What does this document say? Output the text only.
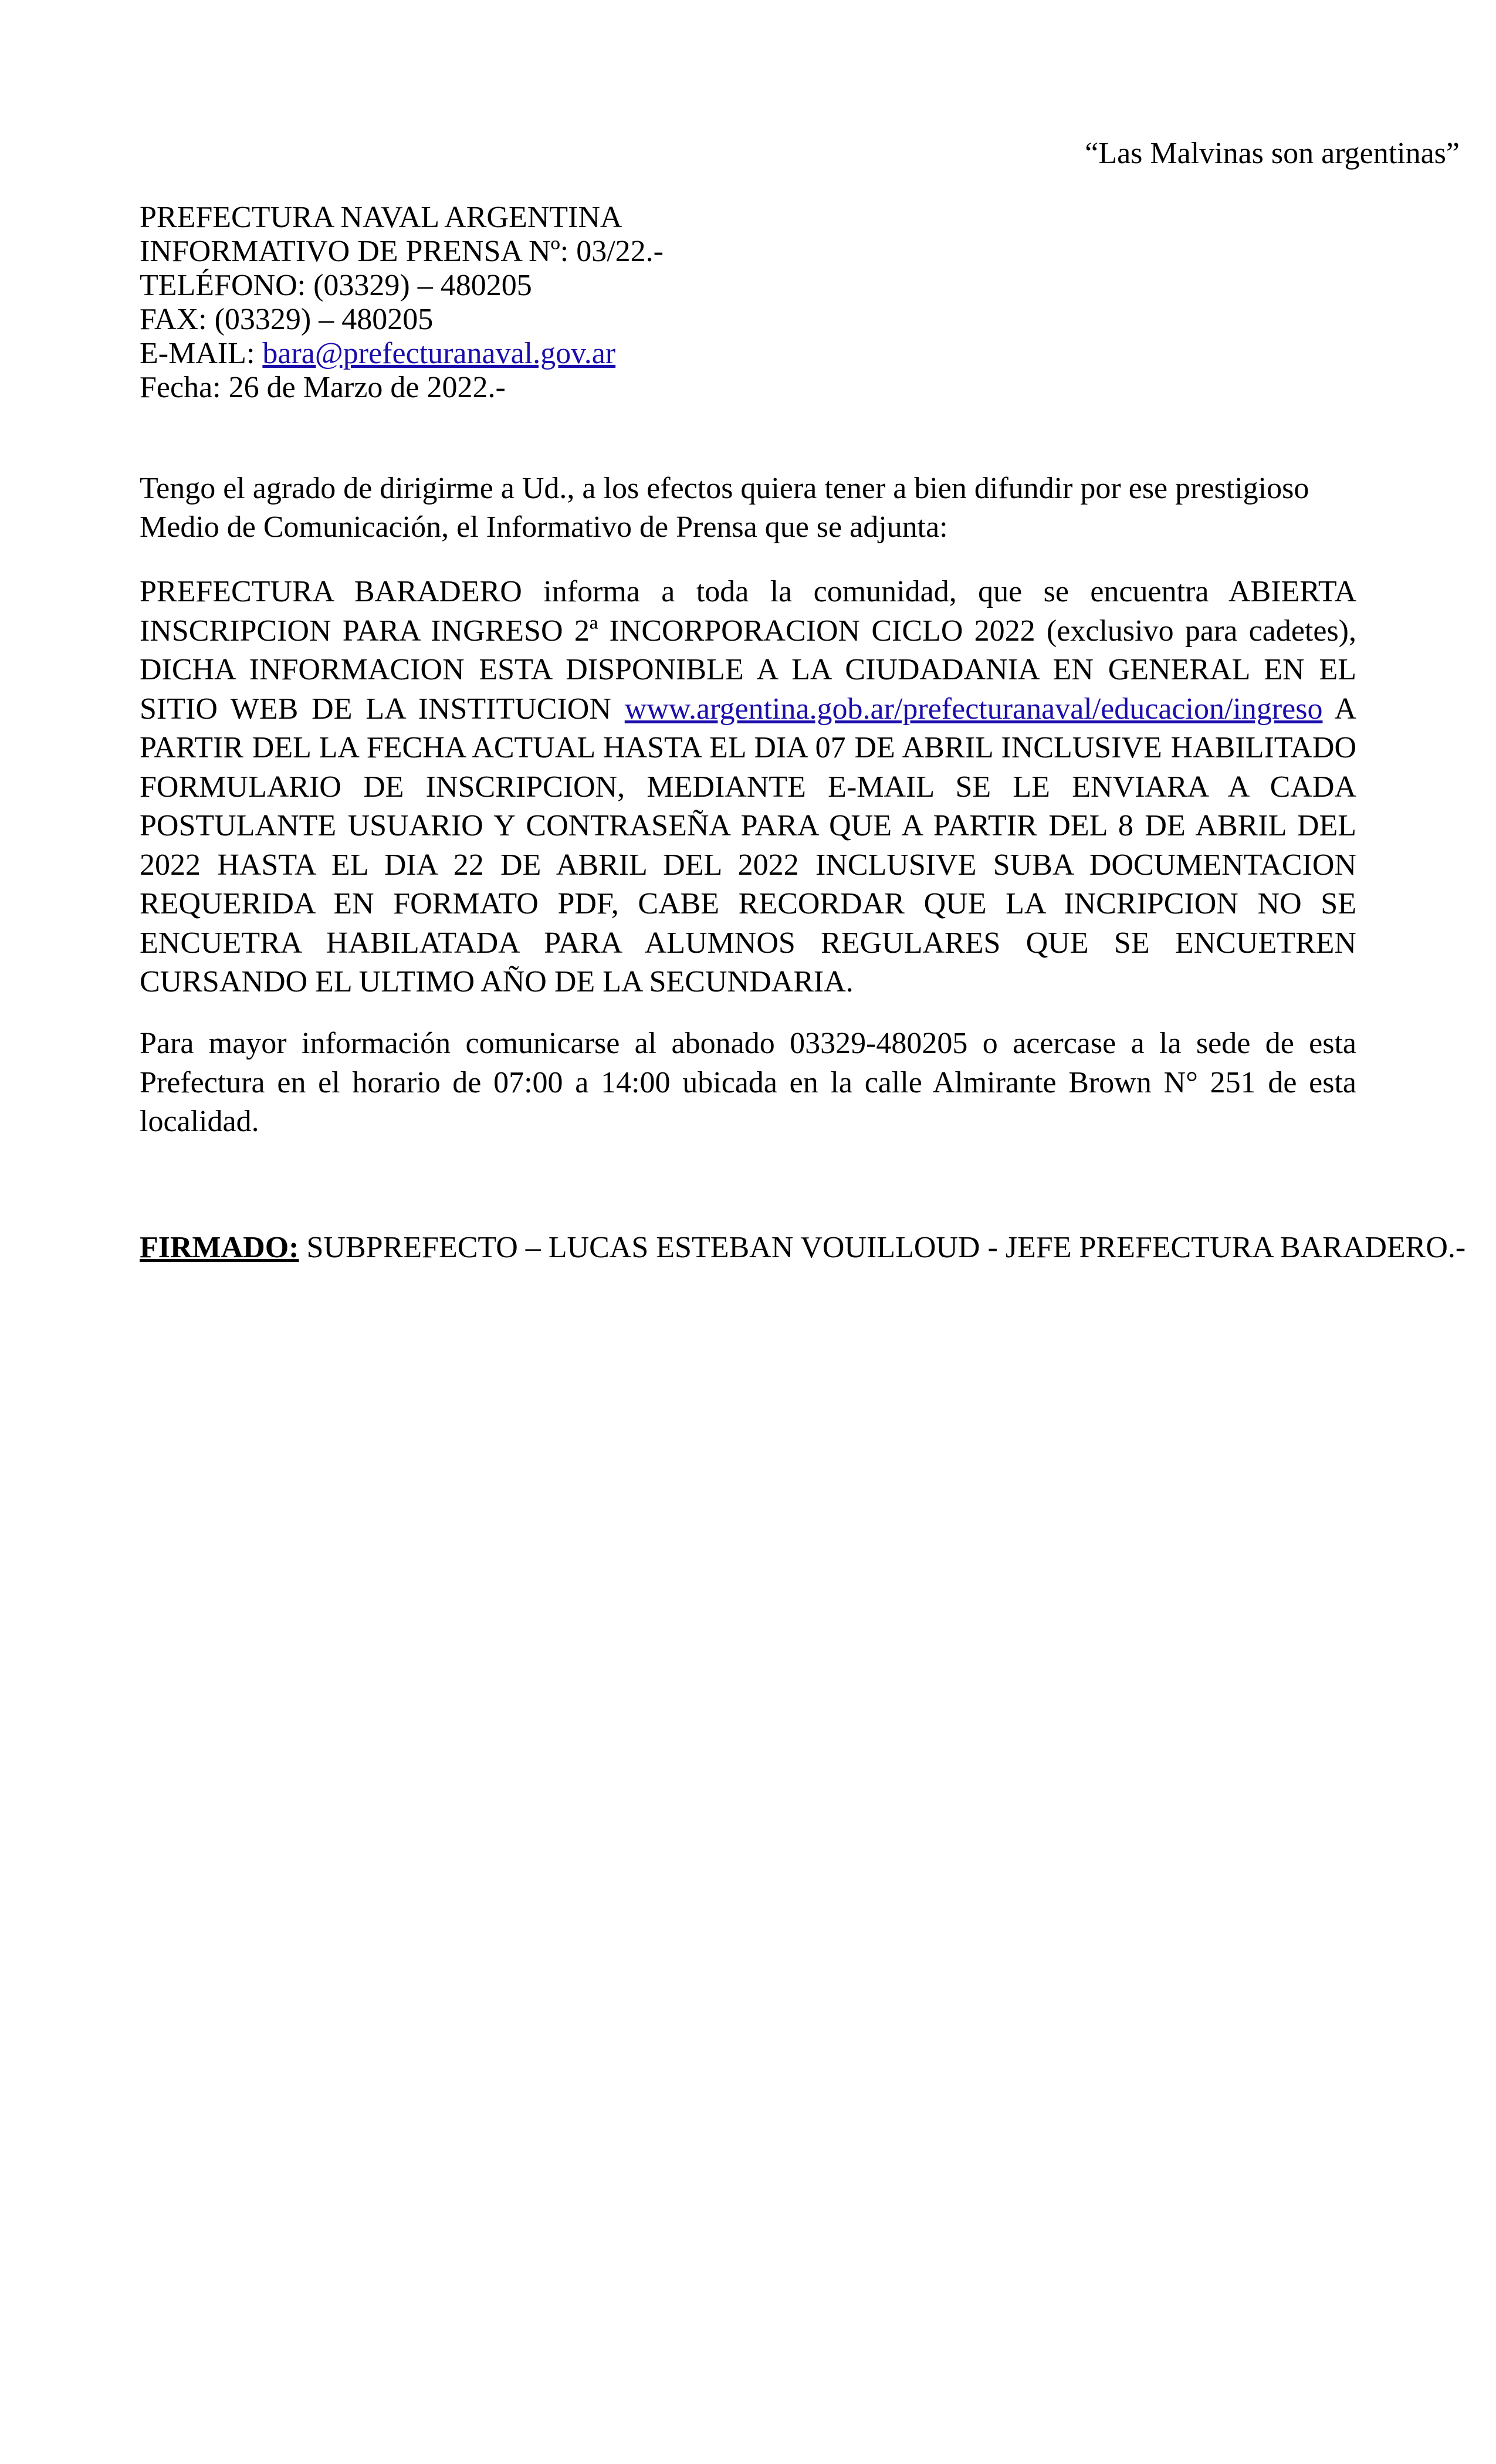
“Las Malvinas son argentinas”
PREFECTURA NAVAL ARGENTINA
INFORMATIVO DE PRENSA Nº: 03/22.-
TELÉFONO: (03329) – 480205
FAX: (03329) – 480205
E-MAIL: bara@prefecturanaval.gov.ar
Fecha: 26 de Marzo de 2022.-

Tengo el agrado de dirigirme a Ud., a los efectos quiera tener a bien difundir por ese prestigioso Medio de Comunicación, el Informativo de Prensa que se adjunta:

PREFECTURA BARADERO informa a toda la comunidad, que se encuentra ABIERTA INSCRIPCION PARA INGRESO 2ª INCORPORACION CICLO 2022 (exclusivo para cadetes), DICHA INFORMACION ESTA DISPONIBLE A LA CIUDADANIA EN GENERAL EN EL SITIO WEB DE LA INSTITUCION www.argentina.gob.ar/prefecturanaval/educacion/ingreso A PARTIR DEL LA FECHA ACTUAL HASTA EL DIA 07 DE ABRIL INCLUSIVE HABILITADO FORMULARIO DE INSCRIPCION, MEDIANTE E-MAIL SE LE ENVIARA A CADA POSTULANTE USUARIO Y CONTRASEÑA PARA QUE A PARTIR DEL 8 DE ABRIL DEL 2022 HASTA EL DIA 22 DE ABRIL DEL 2022 INCLUSIVE SUBA DOCUMENTACION REQUERIDA EN FORMATO PDF, CABE RECORDAR QUE LA INCRIPCION NO SE ENCUETRA HABILATADA PARA ALUMNOS REGULARES QUE SE ENCUETREN CURSANDO EL ULTIMO AÑO DE LA SECUNDARIA.

Para mayor información comunicarse al abonado 03329-480205 o acercase a la sede de esta Prefectura en el horario de 07:00 a 14:00 ubicada en la calle Almirante Brown N° 251 de esta localidad.

FIRMADO: SUBPREFECTO – LUCAS ESTEBAN VOUILLOUD - JEFE PREFECTURA BARADERO.-
